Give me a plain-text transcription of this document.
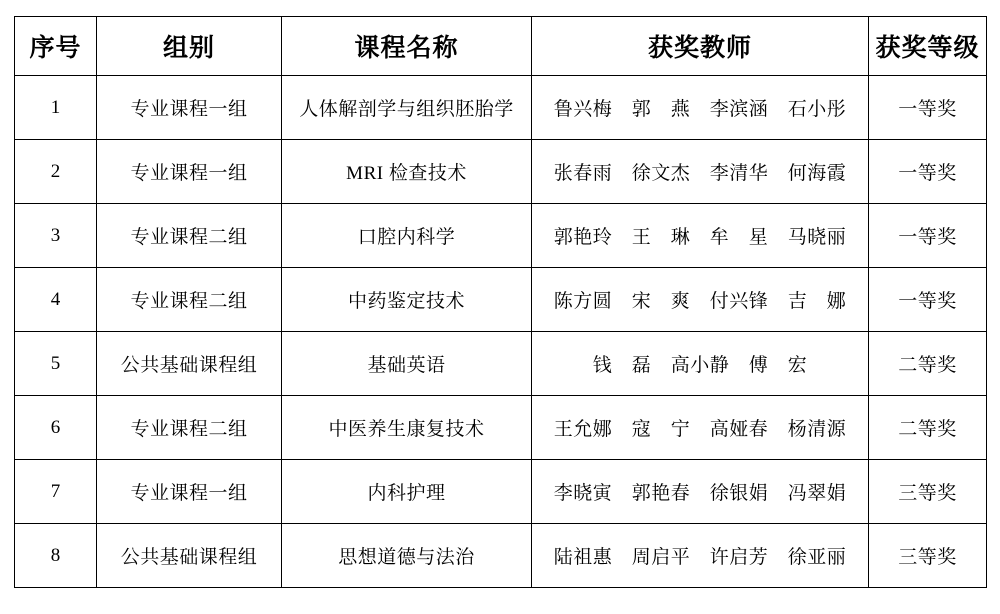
序号	组别	课程名称	获奖教师	获奖等级
1	专业课程一组	人体解剖学与组织胚胎学	鲁兴梅　郭　燕　李滨涵　石小彤	一等奖
2	专业课程一组	MRI 检查技术	张春雨　徐文杰　李清华　何海霞	一等奖
3	专业课程二组	口腔内科学	郭艳玲　王　琳　牟　星　马晓丽	一等奖
4	专业课程二组	中药鉴定技术	陈方圆　宋　爽　付兴锋　吉　娜	一等奖
5	公共基础课程组	基础英语	钱　磊　高小静　傅　宏	二等奖
6	专业课程二组	中医养生康复技术	王允娜　寇　宁　高娅春　杨清源	二等奖
7	专业课程一组	内科护理	李晓寅　郭艳春　徐银娟　冯翠娟	三等奖
8	公共基础课程组	思想道德与法治	陆祖惠　周启平　许启芳　徐亚丽	三等奖
